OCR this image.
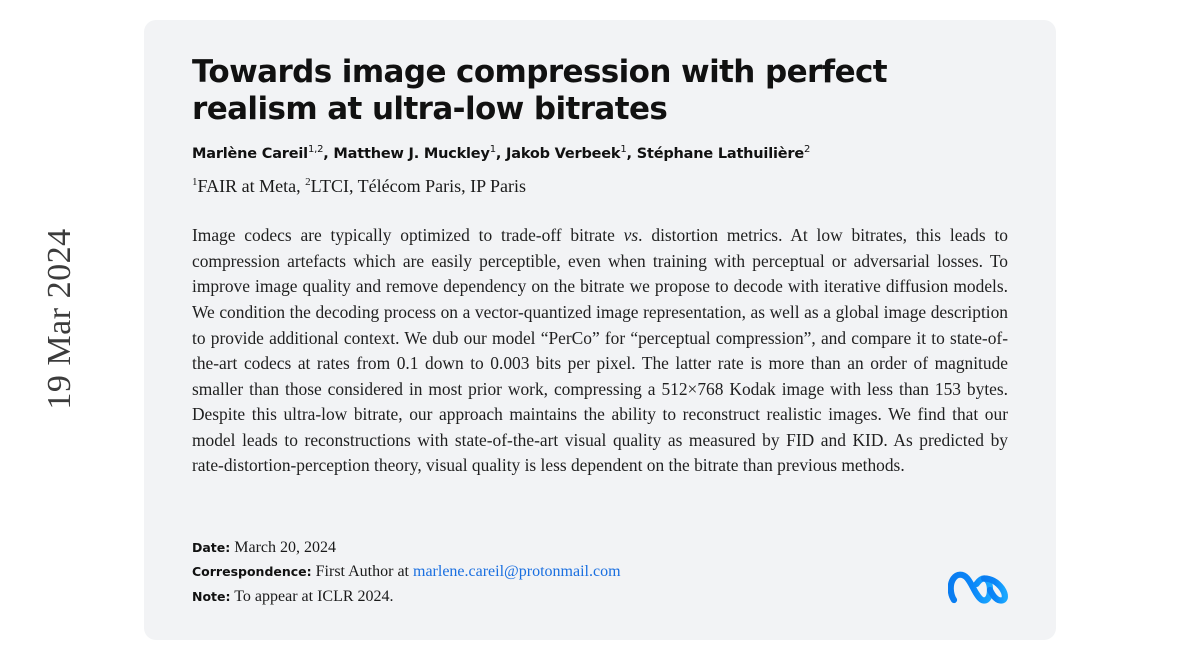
19 Mar 2024
Towards image compression with perfect realism at ultra-low bitrates
Marlène Careil$^{1,2}$, Matthew J. Muckley$^1$, Jakob Verbeek$^1$, Stéphane Lathuilière$^2$
$^1$FAIR at Meta, $^2$LTCI, Télécom Paris, IP Paris
Image codecs are typically optimized to trade-off bitrate vs. distortion metrics. At low bitrates, this leads to compression artefacts which are easily perceptible, even when training with perceptual or adversarial losses. To improve image quality and remove dependency on the bitrate we propose to decode with iterative diffusion models. We condition the decoding process on a vector-quantized image representation, as well as a global image description to provide additional context. We dub our model “PerCo” for “perceptual compression”, and compare it to state-of-the-art codecs at rates from 0.1 down to 0.003 bits per pixel. The latter rate is more than an order of magnitude smaller than those considered in most prior work, compressing a 512×768 Kodak image with less than 153 bytes. Despite this ultra-low bitrate, our approach maintains the ability to reconstruct realistic images. We find that our model leads to reconstructions with state-of-the-art visual quality as measured by FID and KID. As predicted by rate-distortion-perception theory, visual quality is less dependent on the bitrate than previous methods.
Date: March 20, 2024
Correspondence: First Author at marlene.careil@protonmail.com
Note: To appear at ICLR 2024.
